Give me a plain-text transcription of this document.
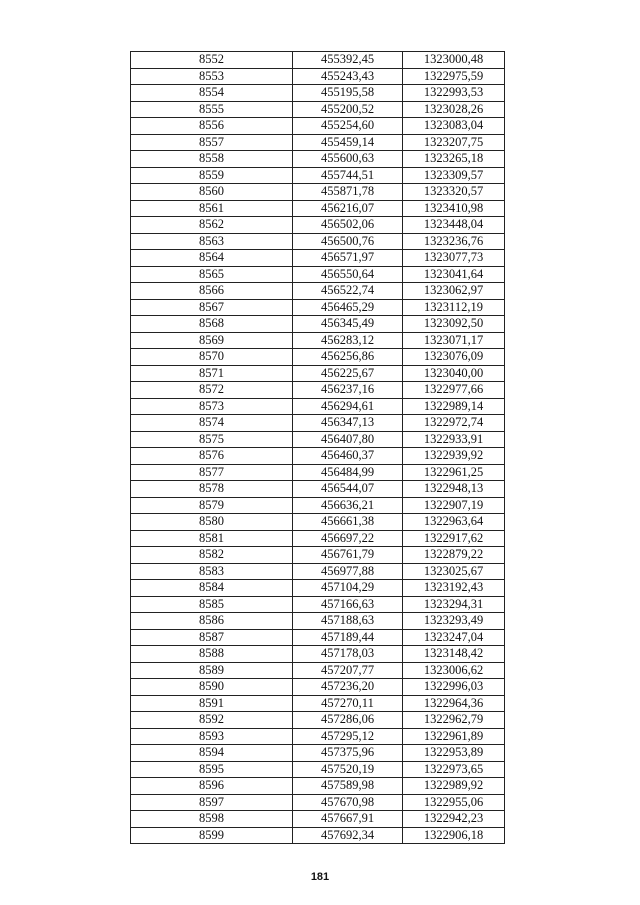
8552	455392,45	1323000,48
8553	455243,43	1322975,59
8554	455195,58	1322993,53
8555	455200,52	1323028,26
8556	455254,60	1323083,04
8557	455459,14	1323207,75
8558	455600,63	1323265,18
8559	455744,51	1323309,57
8560	455871,78	1323320,57
8561	456216,07	1323410,98
8562	456502,06	1323448,04
8563	456500,76	1323236,76
8564	456571,97	1323077,73
8565	456550,64	1323041,64
8566	456522,74	1323062,97
8567	456465,29	1323112,19
8568	456345,49	1323092,50
8569	456283,12	1323071,17
8570	456256,86	1323076,09
8571	456225,67	1323040,00
8572	456237,16	1322977,66
8573	456294,61	1322989,14
8574	456347,13	1322972,74
8575	456407,80	1322933,91
8576	456460,37	1322939,92
8577	456484,99	1322961,25
8578	456544,07	1322948,13
8579	456636,21	1322907,19
8580	456661,38	1322963,64
8581	456697,22	1322917,62
8582	456761,79	1322879,22
8583	456977,88	1323025,67
8584	457104,29	1323192,43
8585	457166,63	1323294,31
8586	457188,63	1323293,49
8587	457189,44	1323247,04
8588	457178,03	1323148,42
8589	457207,77	1323006,62
8590	457236,20	1322996,03
8591	457270,11	1322964,36
8592	457286,06	1322962,79
8593	457295,12	1322961,89
8594	457375,96	1322953,89
8595	457520,19	1322973,65
8596	457589,98	1322989,92
8597	457670,98	1322955,06
8598	457667,91	1322942,23
8599	457692,34	1322906,18
181
